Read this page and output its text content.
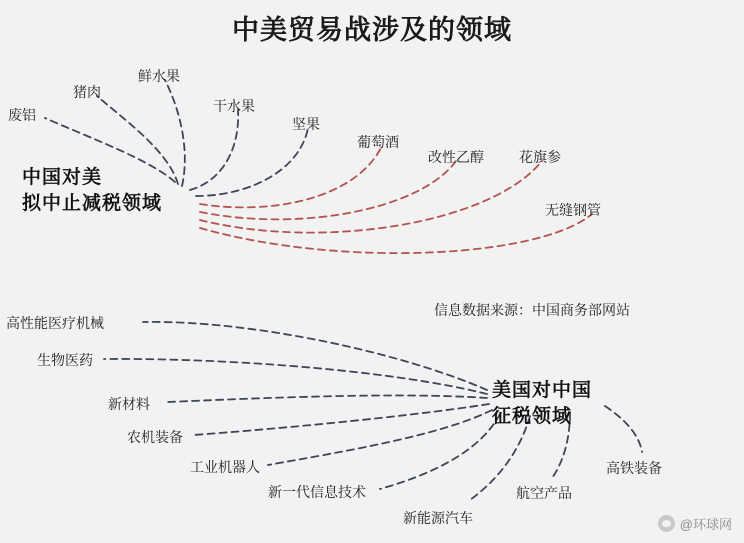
中美贸易战涉及的领域
中国对美
拟中止减税领域
美国对中国
征税领域
废铝
猪肉
鲜水果
干水果
坚果
葡萄酒
改性乙醇	花旗参
无缝钢管
高性能医疗机械
生物医药
新材料
农机装备
工业机器人
新一代信息技术
新能源汽车
航空产品
高铁装备
信息数据来源：中国商务部网站
@环球网
